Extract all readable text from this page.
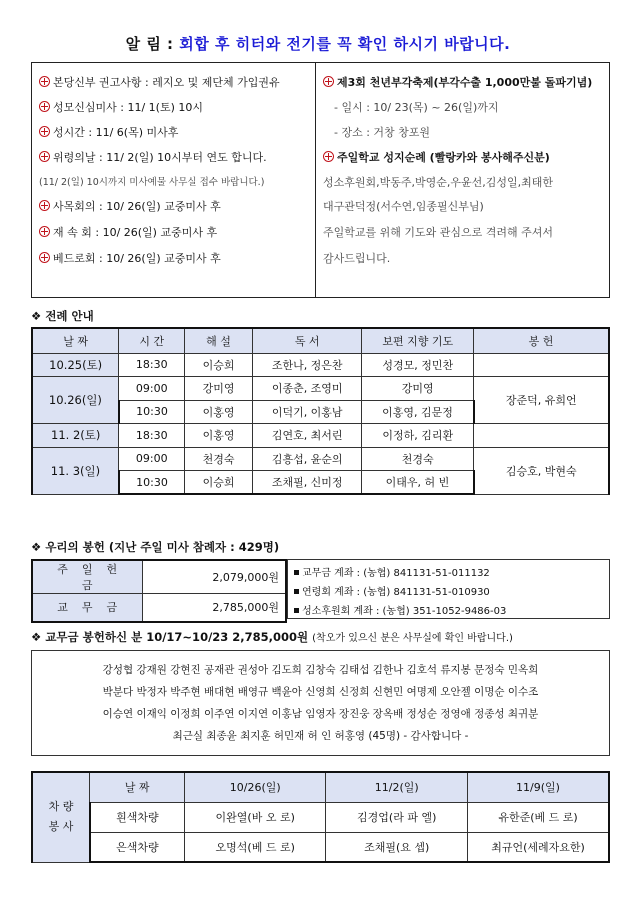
알 림 : 회합 후 히터와 전기를 꼭 확인 하시기 바랍니다.
본당신부 권고사항 : 레지오 및 제단체 가입권유
성모신심미사 : 11/ 1(토) 10시
성시간 : 11/ 6(목) 미사후
위령의날 : 11/ 2(일) 10시부터 연도 합니다.
(11/ 2(일) 10시까지 미사예물 사무실 접수 바랍니다.)
사목회의 : 10/ 26(일) 교중미사 후
재 속 회 : 10/ 26(일) 교중미사 후
베드로회 : 10/ 26(일) 교중미사 후
제3회 천년부각축제(부각수출 1,000만불 돌파기념)
- 일시 : 10/ 23(목) ~ 26(일)까지
- 장소 : 거창 창포원
주일학교 성지순례 (빨랑카와 봉사해주신분)
성소후원회,박동주,박영순,우윤선,김성일,최태한
대구관덕정(서수연,임종필신부님)
주일학교를 위해 기도와 관심으로 격려해 주셔서
감사드립니다.
❖ 전례 안내
날 짜	시 간	해 설	독 서	보편 지향 기도	봉 헌
10.25(토)	18:30	이승희	조한나, 정은찬	성경모, 정민찬	
10.26(일)	09:00	강미영	이종춘, 조영미	강미영	장준덕, 유희언
	10:30	이홍영	이덕기, 이홍남	이홍영, 김문정	
11. 2(토)	18:30	이홍영	김연호, 최서린	이정하, 김리환	
11. 3(일)	09:00	천경숙	김흥섭, 윤순의	천경숙	김승호, 박현숙
	10:30	이승희	조채필, 신미정	이태우, 허 빈	
❖ 우리의 봉헌 (지난 주일 미사 참례자 : 429명)
주일헌금	2,079,000원
교무금	2,785,000원
교무금 계좌 : (농협) 841131-51-011132
연령회 계좌 : (농협) 841131-51-010930
성소후원회 계좌 : (농협) 351-1052-9486-03
❖ 교무금 봉헌하신 분 10/17~10/23 2,785,000원 (착오가 있으신 분은 사무실에 확인 바랍니다.)
강성협 강재원 강현진 공재관 권성아 김도희 김창숙 김태섭 김한나 김호석 류지봉 문정숙 민옥희
박분다 박정자 박주현 배대현 배영규 백윤아 신영희 신정희 신현민 여명제 오안젤 이명순 이수조
이승연 이재익 이정희 이주연 이지연 이홍남 임영자 장진웅 장옥배 정성순 정영애 정종성 최귀분
최근실 최종윤 최지훈 허민재 허 인 허홍영 (45명) - 감사합니다 -
차 량 봉 사	날 짜	10/26(일)	11/2(일)	11/9(일)
	흰색차량	이완열(바 오 로)	김경업(라 파 엘)	유한준(베 드 로)
	은색차량	오명석(베 드 로)	조채필(요 셉)	최규언(세례자요한)
